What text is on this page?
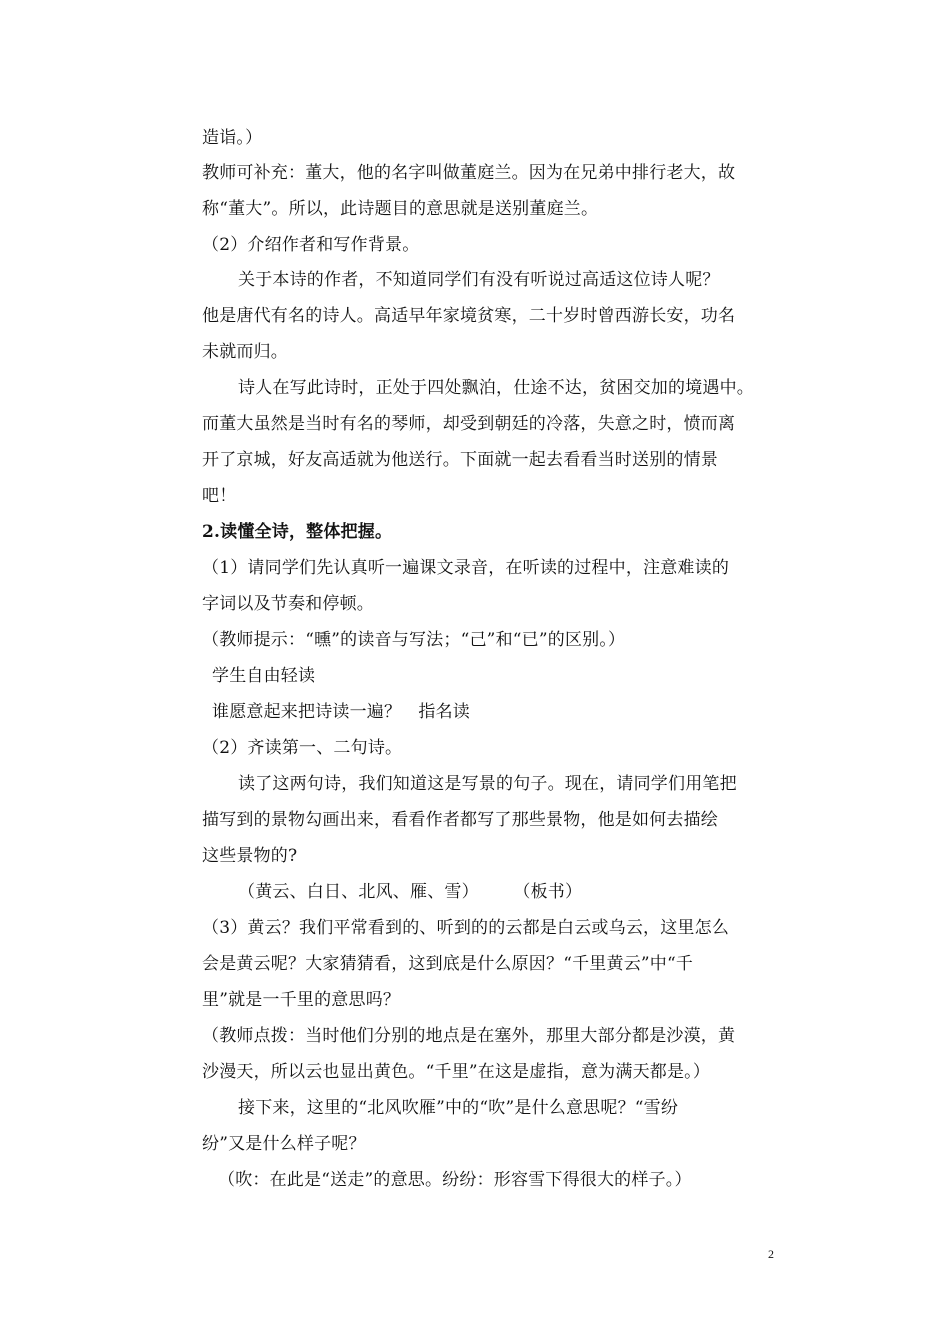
造诣。）
教师可补充：董大，他的名字叫做董庭兰。因为在兄弟中排行老大，故
称“董大”。所以，此诗题目的意思就是送别董庭兰。
（2）介绍作者和写作背景。
关于本诗的作者，不知道同学们有没有听说过高适这位诗人呢？
他是唐代有名的诗人。高适早年家境贫寒，二十岁时曾西游长安，功名
未就而归。
诗人在写此诗时，正处于四处飘泊，仕途不达，贫困交加的境遇中。
而董大虽然是当时有名的琴师，却受到朝廷的冷落，失意之时，愤而离
开了京城，好友高适就为他送行。下面就一起去看看当时送别的情景
吧！
2.读懂全诗，整体把握。
（1）请同学们先认真听一遍课文录音，在听读的过程中，注意难读的
字词以及节奏和停顿。
（教师提示：“曛”的读音与写法；“己”和“已”的区别。）
学生自由轻读
谁愿意起来把诗读一遍？　指名读
（2）齐读第一、二句诗。
读了这两句诗，我们知道这是写景的句子。现在，请同学们用笔把
描写到的景物勾画出来，看看作者都写了那些景物，他是如何去描绘
这些景物的?
（黄云、白日、北风、雁、雪）　　　（板书）
（3）黄云？我们平常看到的、听到的的云都是白云或乌云，这里怎么
会是黄云呢？大家猜猜看，这到底是什么原因？“千里黄云”中“千
里”就是一千里的意思吗？
（教师点拨：当时他们分别的地点是在塞外，那里大部分都是沙漠，黄
沙漫天，所以云也显出黄色。“千里”在这是虚指，意为满天都是。）
接下来，这里的“北风吹雁”中的“吹”是什么意思呢？“雪纷
纷”又是什么样子呢？
（吹：在此是“送走”的意思。纷纷：形容雪下得很大的样子。）
2
